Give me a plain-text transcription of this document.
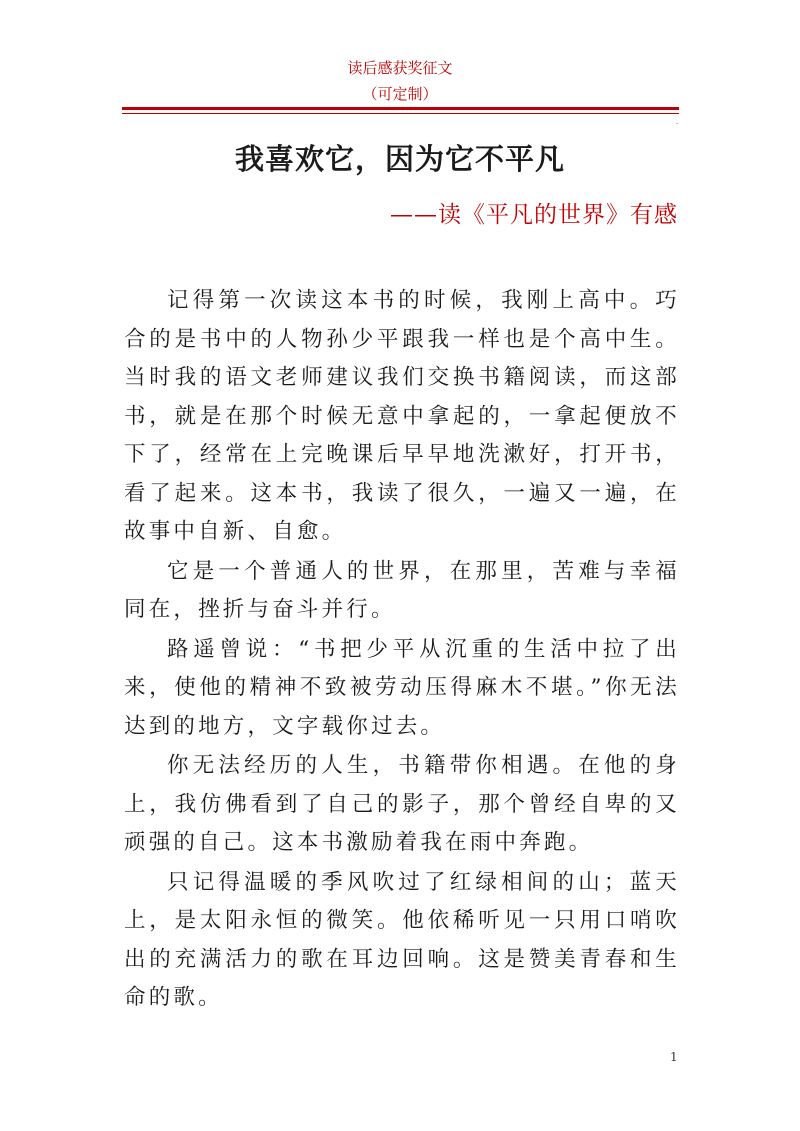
读后感获奖征文
（可定制）
.
我喜欢它，因为它不平凡
——读《平凡的世界》有感

记得第一次读这本书的时候，我刚上高中。巧合的是书中的人物孙少平跟我一样也是个高中生。当时我的语文老师建议我们交换书籍阅读，而这部书，就是在那个时候无意中拿起的，一拿起便放不下了，经常在上完晚课后早早地洗漱好，打开书，看了起来。这本书，我读了很久，一遍又一遍，在故事中自新、自愈。

它是一个普通人的世界，在那里，苦难与幸福同在，挫折与奋斗并行。

路遥曾说：“书把少平从沉重的生活中拉了出来，使他的精神不致被劳动压得麻木不堪。”你无法达到的地方，文字载你过去。

你无法经历的人生，书籍带你相遇。在他的身上，我仿佛看到了自己的影子，那个曾经自卑的又顽强的自己。这本书激励着我在雨中奔跑。

只记得温暖的季风吹过了红绿相间的山；蓝天上，是太阳永恒的微笑。他依稀听见一只用口哨吹出的充满活力的歌在耳边回响。这是赞美青春和生命的歌。

1
